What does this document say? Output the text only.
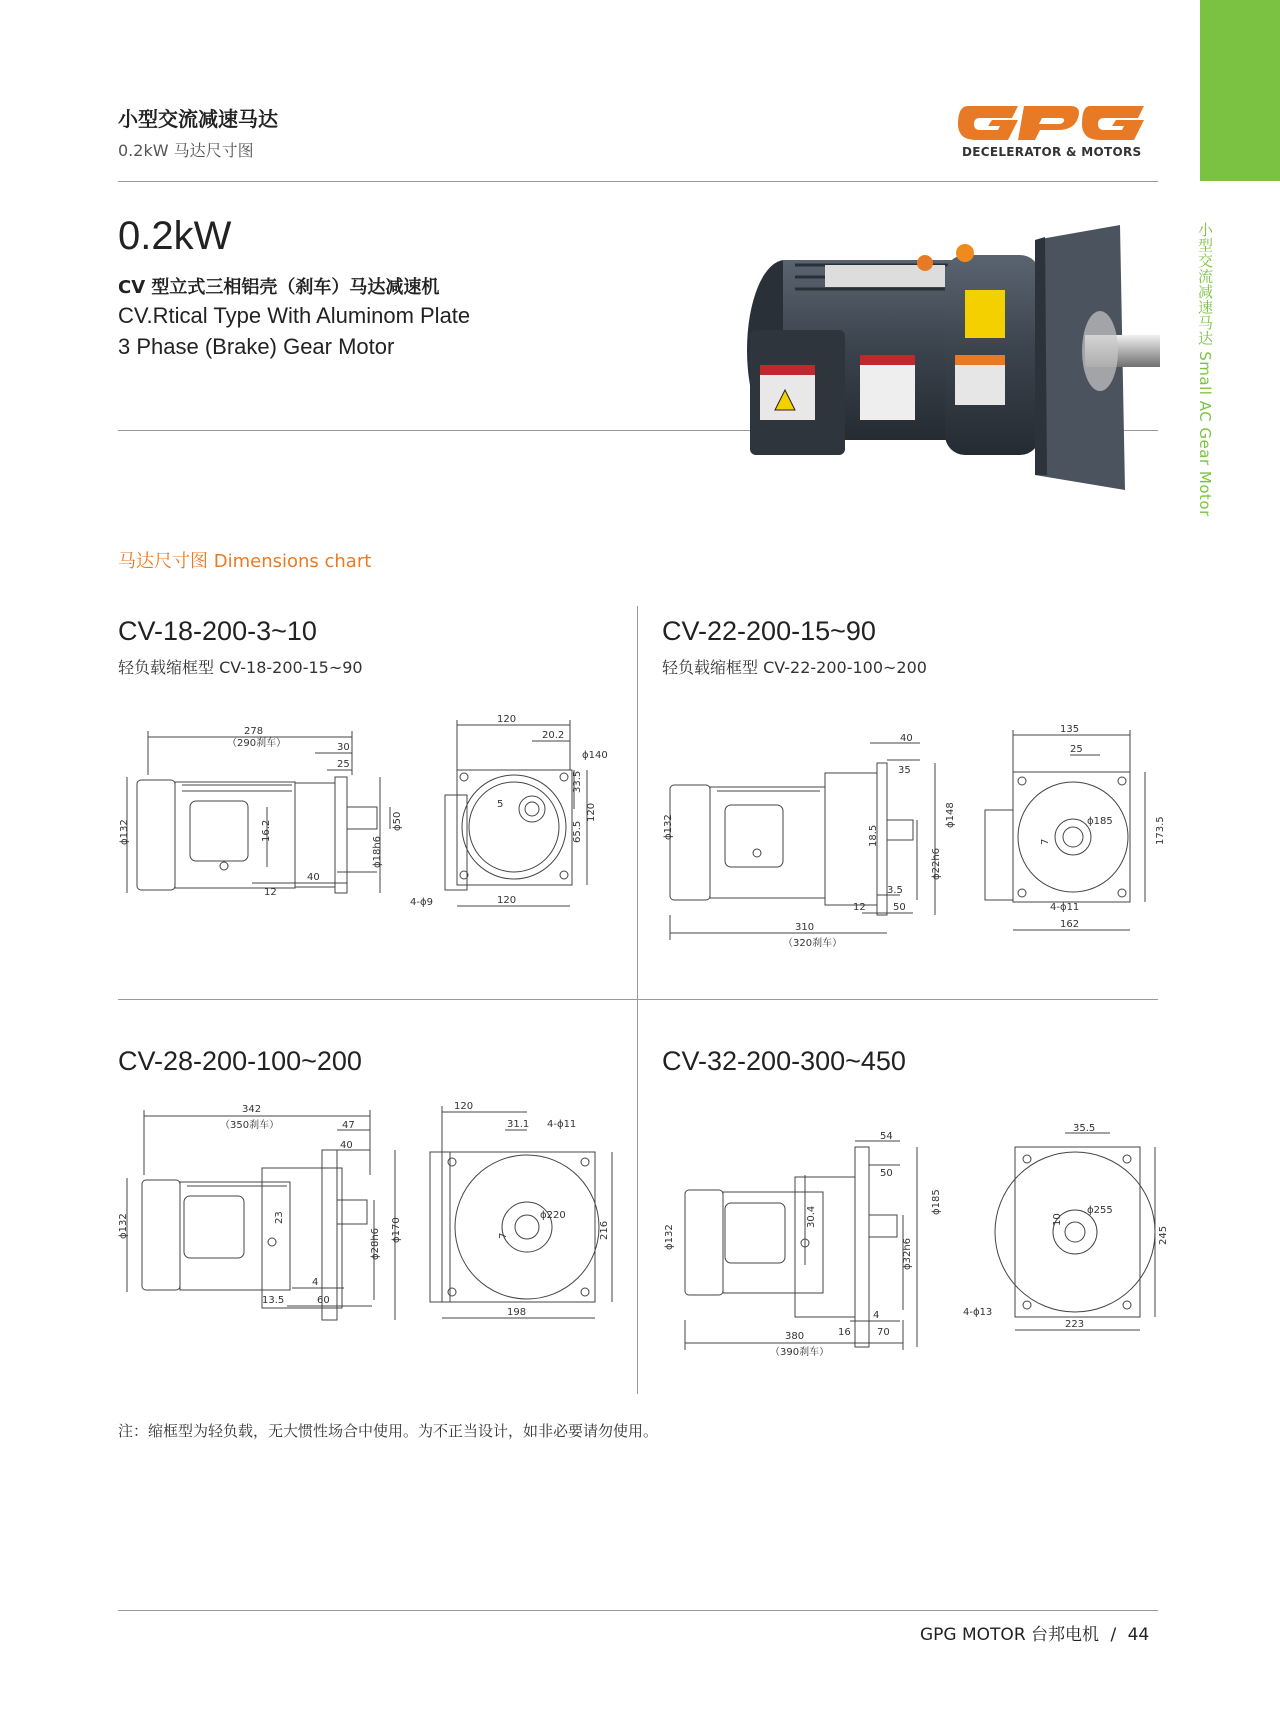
小型交流减速马达 Small AC Gear Motor
小型交流减速马达
0.2kW 马达尺寸图	DECELERATOR & MOTORS
0.2kW
CV 型立式三相铝壳（刹车）马达减速机
CV.Rtical Type With Aluminom Plate
3 Phase (Brake) Gear Motor
马达尺寸图 Dimensions chart
CV-18-200-3~10
轻负载缩框型 CV-18-200-15~90
278
（290刹车）	30
25
12
40
ϕ132	ϕ50
ϕ18h6
16.2
5
120
20.2
ϕ140
33.5
120
65.5
4-ϕ9	120
CV-22-200-15~90
轻负载缩框型 CV-22-200-100~200
40
35
ϕ132	18.5
ϕ22h6
ϕ148
3.5
12	50
310
（320刹车）
135
25
ϕ185
7	173.5
4-ϕ11
162
CV-28-200-100~200
342
（350刹车）	47
40
ϕ132	23
ϕ28h6 ϕ170
4
13.5	60
120
31.1 4-ϕ11
ϕ220
7	216
198
CV-32-200-300~450
54
50
ϕ132
30.4
ϕ32h6
ϕ185
4
16	70
380
（390刹车）
35.5
ϕ255
10
245
4-ϕ13
223
注：缩框型为轻负载，无大惯性场合中使用。为不正当设计，如非必要请勿使用。
GPG MOTOR 台邦电机 / 44
